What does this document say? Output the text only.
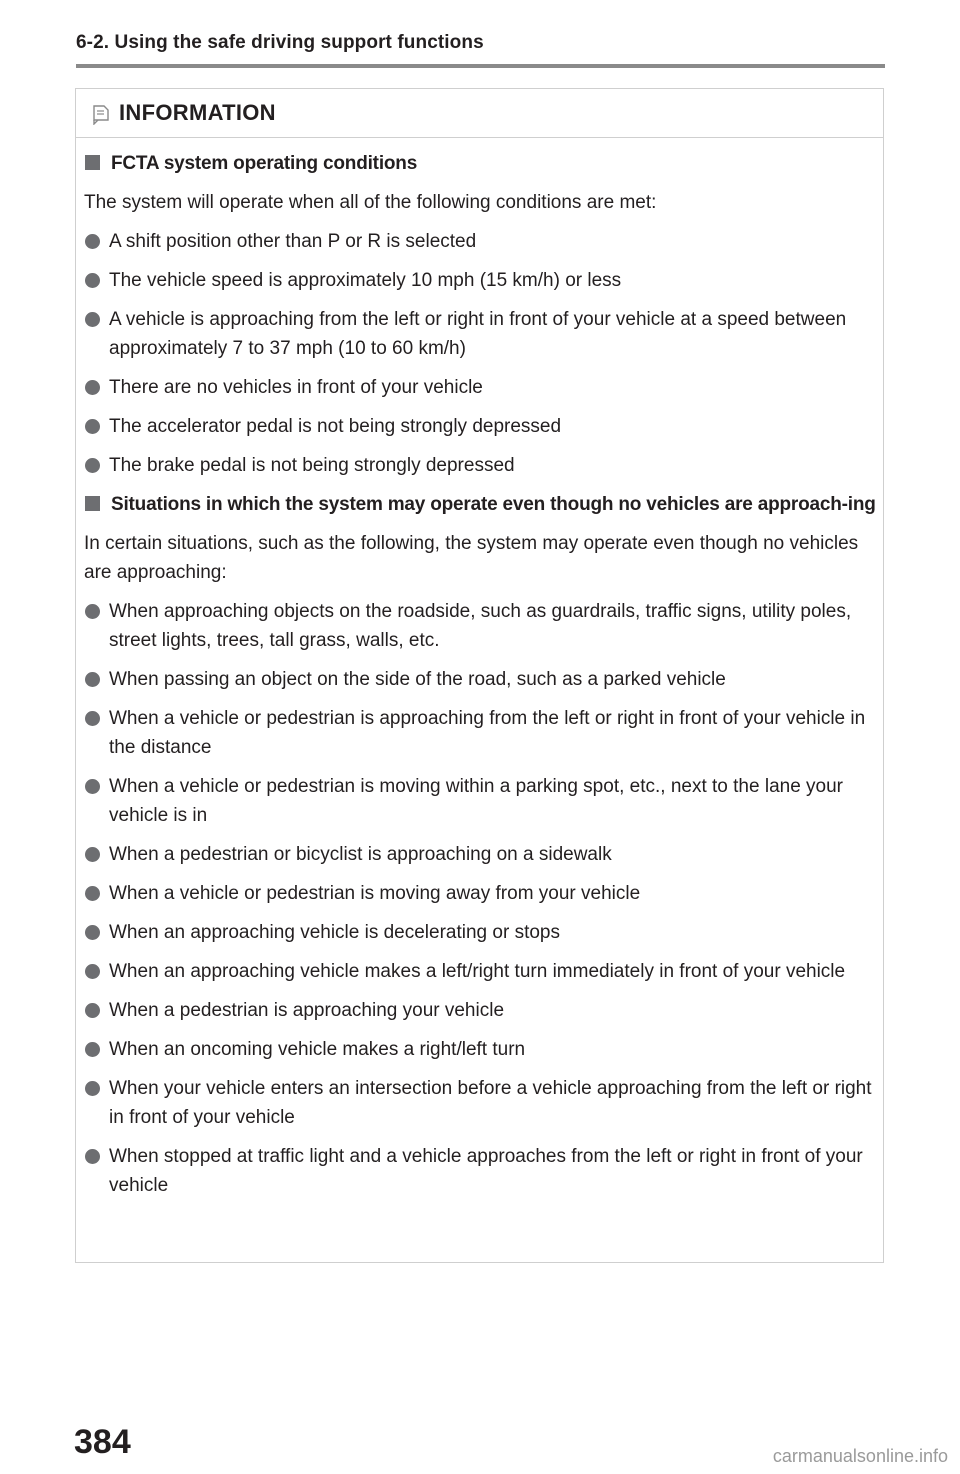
6-2. Using the safe driving support functions
INFORMATION
FCTA system operating conditions
The system will operate when all of the following conditions are met:
A shift position other than P or R is selected
The vehicle speed is approximately 10 mph (15 km/h) or less
A vehicle is approaching from the left or right in front of your vehicle at a speed between approximately 7 to 37 mph (10 to 60 km/h)
There are no vehicles in front of your vehicle
The accelerator pedal is not being strongly depressed
The brake pedal is not being strongly depressed
Situations in which the system may operate even though no vehicles are approach-ing
In certain situations, such as the following, the system may operate even though no vehicles are approaching:
When approaching objects on the roadside, such as guardrails, traffic signs, utility poles, street lights, trees, tall grass, walls, etc.
When passing an object on the side of the road, such as a parked vehicle
When a vehicle or pedestrian is approaching from the left or right in front of your vehicle in the distance
When a vehicle or pedestrian is moving within a parking spot, etc., next to the lane your vehicle is in
When a pedestrian or bicyclist is approaching on a sidewalk
When a vehicle or pedestrian is moving away from your vehicle
When an approaching vehicle is decelerating or stops
When an approaching vehicle makes a left/right turn immediately in front of your vehicle
When a pedestrian is approaching your vehicle
When an oncoming vehicle makes a right/left turn
When your vehicle enters an intersection before a vehicle approaching from the left or right in front of your vehicle
When stopped at traffic light and a vehicle approaches from the left or right in front of your vehicle
384	carmanualsonline.info
